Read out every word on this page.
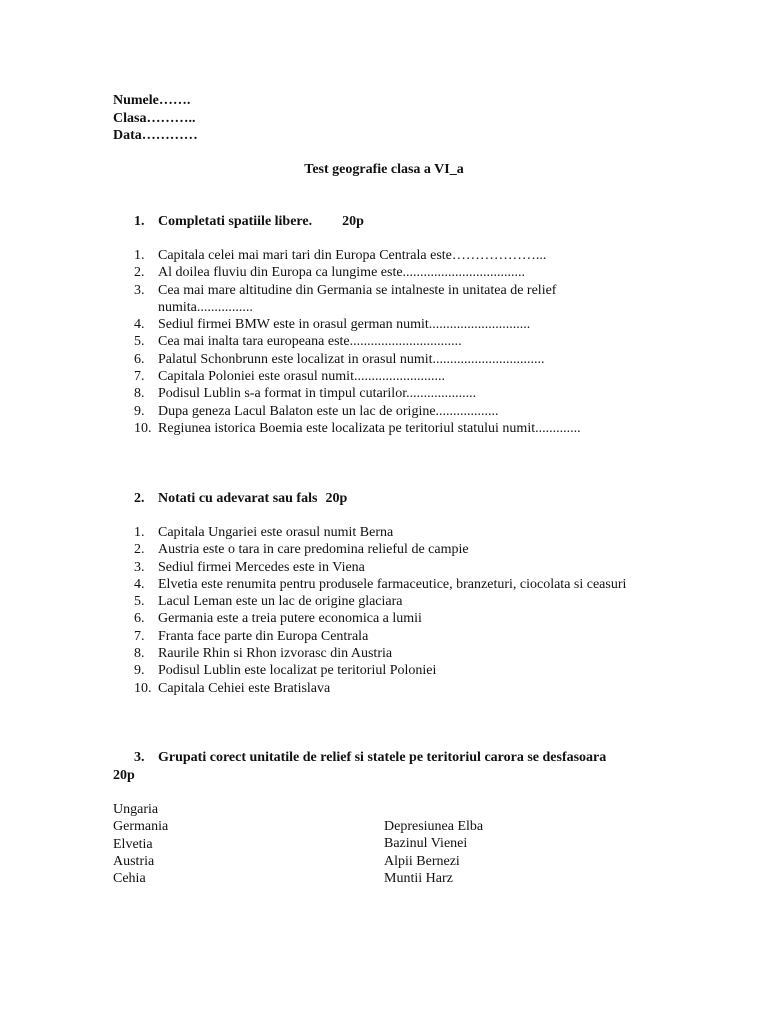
Numele…….
Clasa………..
Data…………
Test geografie clasa a VI_a
1. Completati spatiile libere. 20p
1. Capitala celei mai mari tari din Europa Centrala este………………...
2. Al doilea fluviu din Europa ca lungime este...................................
3. Cea mai mare altitudine din Germania se intalneste in unitatea de relief numita................
4. Sediul firmei BMW este in orasul german numit.............................
5. Cea mai inalta tara europeana este................................
6. Palatul Schonbrunn este localizat in orasul numit................................
7. Capitala Poloniei este orasul numit..........................
8. Podisul Lublin s-a format in timpul cutarilor....................
9. Dupa geneza Lacul Balaton este un lac de origine..................
10. Regiunea istorica Boemia este localizata pe teritoriul statului numit.............
2. Notati cu adevarat sau fals 20p
1. Capitala Ungariei este orasul numit Berna
2. Austria este o tara in care predomina relieful de campie
3. Sediul firmei Mercedes este in Viena
4. Elvetia este renumita pentru produsele farmaceutice, branzeturi, ciocolata si ceasuri
5. Lacul Leman este un lac de origine glaciara
6. Germania este a treia putere economica a lumii
7. Franta face parte din Europa Centrala
8. Raurile Rhin si Rhon izvorasc din Austria
9. Podisul Lublin este localizat pe teritoriul Poloniei
10. Capitala Cehiei este Bratislava
3. Grupati corect unitatile de relief si statele pe teritoriul carora se desfasoara
20p
Ungaria
Germania
Elvetia
Austria
Cehia
Depresiunea Elba
Bazinul Vienei
Alpii Bernezi
Muntii Harz
